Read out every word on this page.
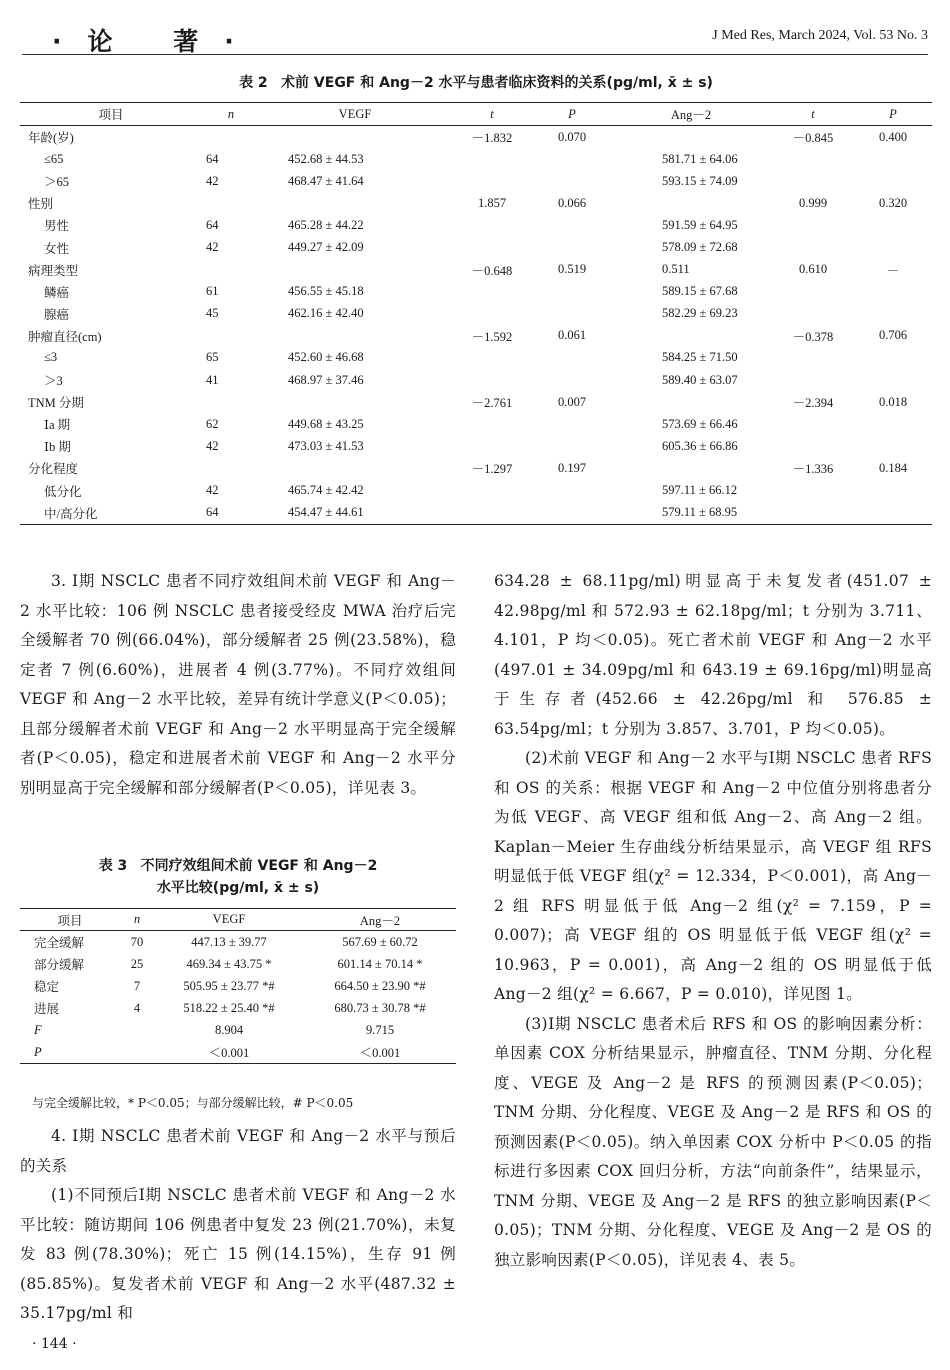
·论 著·	J Med Res, March 2024, Vol. 53 No. 3
表 2 术前 VEGF 和 Ang－2 水平与患者临床资料的关系(pg/ml, x̄ ± s)
项目	n	VEGF	t	P	Ang－2	t	P
年龄(岁)			－1.832	0.070		－0.845	0.400
≤65	64	452.68 ± 44.53			581.71 ± 64.06		
＞65	42	468.47 ± 41.64			593.15 ± 74.09		
性别			1.857	0.066		0.999	0.320
男性	64	465.28 ± 44.22			591.59 ± 64.95		
女性	42	449.27 ± 42.09			578.09 ± 72.68		
病理类型			－0.648	0.519	0.511	0.610	－
鳞癌	61	456.55 ± 45.18			589.15 ± 67.68		
腺癌	45	462.16 ± 42.40			582.29 ± 69.23		
肿瘤直径(cm)			－1.592	0.061		－0.378	0.706
≤3	65	452.60 ± 46.68			584.25 ± 71.50		
＞3	41	468.97 ± 37.46			589.40 ± 63.07		
TNM 分期			－2.761	0.007		－2.394	0.018
Ⅰa 期	62	449.68 ± 43.25			573.69 ± 66.46		
Ⅰb 期	42	473.03 ± 41.53			605.36 ± 66.86		
分化程度			－1.297	0.197		－1.336	0.184
低分化	42	465.74 ± 42.42			597.11 ± 66.12		
中/高分化	64	454.47 ± 44.61			579.11 ± 68.95		

3. Ⅰ期 NSCLC 患者不同疗效组间术前 VEGF 和 Ang－2 水平比较：106 例 NSCLC 患者接受经皮 MWA 治疗后完全缓解者 70 例(66.04%)，部分缓解者 25 例(23.58%)，稳定者 7 例(6.60%)，进展者 4 例(3.77%)。不同疗效组间 VEGF 和 Ang－2 水平比较，差异有统计学意义(P＜0.05)；且部分缓解者术前 VEGF 和 Ang－2 水平明显高于完全缓解者(P＜0.05)，稳定和进展者术前 VEGF 和 Ang－2 水平分别明显高于完全缓解和部分缓解者(P＜0.05)，详见表 3。

表 3 不同疗效组间术前 VEGF 和 Ang－2
水平比较(pg/ml, x̄ ± s)
项目	n	VEGF	Ang－2
完全缓解	70	447.13 ± 39.77	567.69 ± 60.72
部分缓解	25	469.34 ± 43.75 *	601.14 ± 70.14 *
稳定	7	505.95 ± 23.77 *#	664.50 ± 23.90 *#
进展	4	518.22 ± 25.40 *#	680.73 ± 30.78 *#
F		8.904	9.715
P		＜0.001	＜0.001
与完全缓解比较，* P＜0.05；与部分缓解比较，# P＜0.05

4. Ⅰ期 NSCLC 患者术前 VEGF 和 Ang－2 水平与预后的关系

(1)不同预后Ⅰ期 NSCLC 患者术前 VEGF 和 Ang－2 水平比较：随访期间 106 例患者中复发 23 例(21.70%)，未复发 83 例(78.30%)；死亡 15 例(14.15%)，生存 91 例(85.85%)。复发者术前 VEGF 和 Ang－2 水平(487.32 ± 35.17pg/ml 和

634.28 ± 68.11pg/ml)明显高于未复发者(451.07 ± 42.98pg/ml 和 572.93 ± 62.18pg/ml；t 分别为 3.711、4.101，P 均＜0.05)。死亡者术前 VEGF 和 Ang－2 水平(497.01 ± 34.09pg/ml 和 643.19 ± 69.16pg/ml)明显高于生存者(452.66 ± 42.26pg/ml 和 576.85 ± 63.54pg/ml；t 分别为 3.857、3.701，P 均＜0.05)。

(2)术前 VEGF 和 Ang－2 水平与Ⅰ期 NSCLC 患者 RFS 和 OS 的关系：根据 VEGF 和 Ang－2 中位值分别将患者分为低 VEGF、高 VEGF 组和低 Ang－2、高 Ang－2 组。Kaplan－Meier 生存曲线分析结果显示，高 VEGF 组 RFS 明显低于低 VEGF 组(χ² = 12.334，P＜0.001)，高 Ang－2 组 RFS 明显低于低 Ang－2 组(χ² = 7.159，P = 0.007)；高 VEGF 组的 OS 明显低于低 VEGF 组(χ² = 10.963，P = 0.001)，高 Ang－2 组的 OS 明显低于低 Ang－2 组(χ² = 6.667，P = 0.010)，详见图 1。

(3)Ⅰ期 NSCLC 患者术后 RFS 和 OS 的影响因素分析：单因素 COX 分析结果显示，肿瘤直径、TNM 分期、分化程度、VEGE 及 Ang－2 是 RFS 的预测因素(P＜0.05)；TNM 分期、分化程度、VEGE 及 Ang－2 是 RFS 和 OS 的预测因素(P＜0.05)。纳入单因素 COX 分析中 P＜0.05 的指标进行多因素 COX 回归分析，方法“向前条件”，结果显示，TNM 分期、VEGE 及 Ang－2 是 RFS 的独立影响因素(P＜0.05)；TNM 分期、分化程度、VEGE 及 Ang－2 是 OS 的独立影响因素(P＜0.05)，详见表 4、表 5。

· 144 ·
